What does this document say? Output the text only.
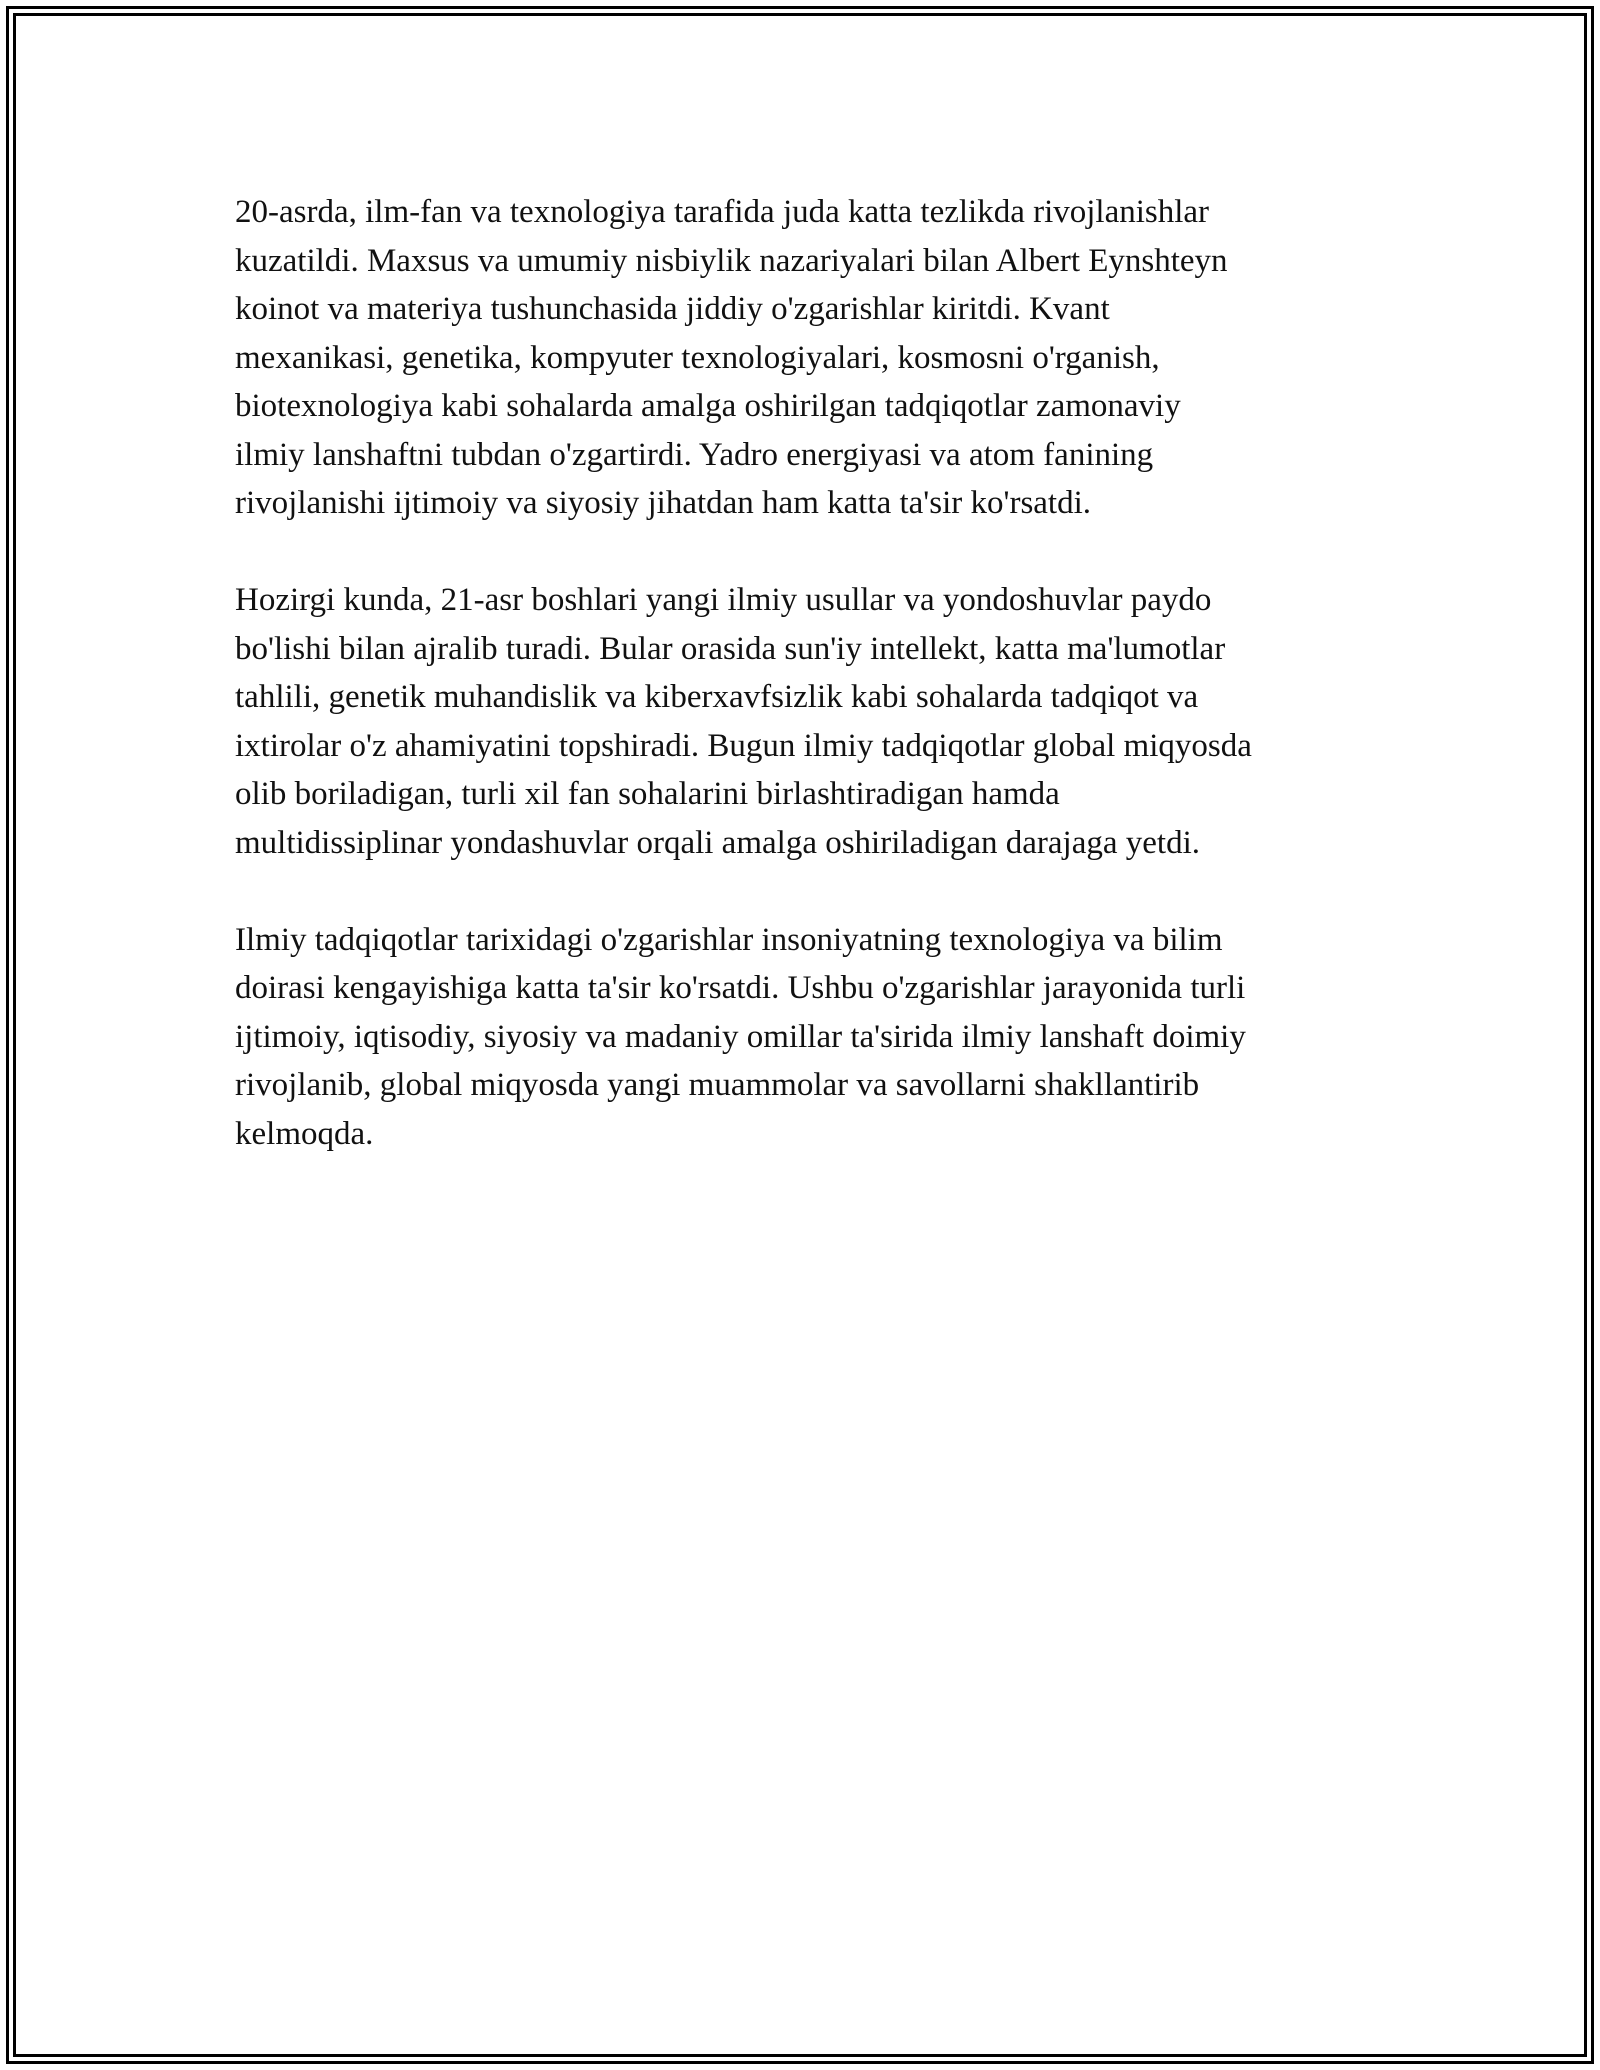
20-asrda, ilm-fan va texnologiya tarafida juda katta tezlikda rivojlanishlar
kuzatildi. Maxsus va umumiy nisbiylik nazariyalari bilan Albert Eynshteyn
koinot va materiya tushunchasida jiddiy o'zgarishlar kiritdi. Kvant
mexanikasi, genetika, kompyuter texnologiyalari, kosmosni o'rganish,
biotexnologiya kabi sohalarda amalga oshirilgan tadqiqotlar zamonaviy
ilmiy lanshaftni tubdan o'zgartirdi. Yadro energiyasi va atom fanining
rivojlanishi ijtimoiy va siyosiy jihatdan ham katta ta'sir ko'rsatdi.

Hozirgi kunda, 21-asr boshlari yangi ilmiy usullar va yondoshuvlar paydo
bo'lishi bilan ajralib turadi. Bular orasida sun'iy intellekt, katta ma'lumotlar
tahlili, genetik muhandislik va kiberxavfsizlik kabi sohalarda tadqiqot va
ixtirolar o'z ahamiyatini topshiradi. Bugun ilmiy tadqiqotlar global miqyosda
olib boriladigan, turli xil fan sohalarini birlashtiradigan hamda
multidissiplinar yondashuvlar orqali amalga oshiriladigan darajaga yetdi.

Ilmiy tadqiqotlar tarixidagi o'zgarishlar insoniyatning texnologiya va bilim
doirasi kengayishiga katta ta'sir ko'rsatdi. Ushbu o'zgarishlar jarayonida turli
ijtimoiy, iqtisodiy, siyosiy va madaniy omillar ta'sirida ilmiy lanshaft doimiy
rivojlanib, global miqyosda yangi muammolar va savollarni shakllantirib
kelmoqda.
